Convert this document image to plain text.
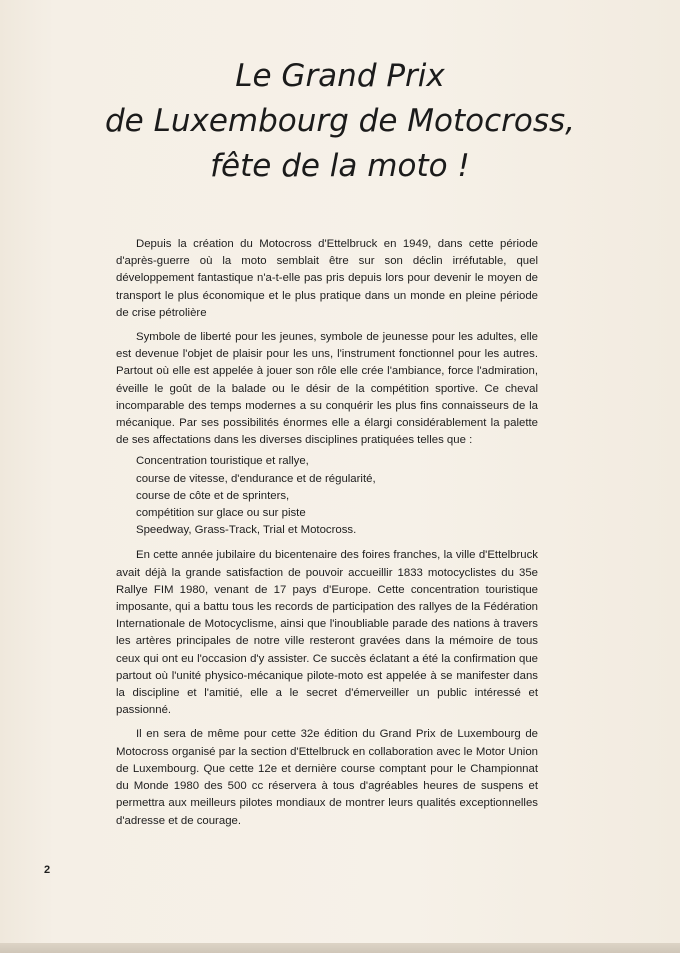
Le Grand Prix
de Luxembourg de Motocross,
fête de la moto !

Depuis la création du Motocross d'Ettelbruck en 1949, dans cette période d'après-guerre où la moto semblait être sur son déclin irréfutable, quel développement fantastique n'a-t-elle pas pris depuis lors pour devenir le moyen de transport le plus économique et le plus pratique dans un monde en pleine période de crise pétrolière

Symbole de liberté pour les jeunes, symbole de jeunesse pour les adultes, elle est devenue l'objet de plaisir pour les uns, l'instrument fonctionnel pour les autres. Partout où elle est appelée à jouer son rôle elle crée l'ambiance, force l'admiration, éveille le goût de la balade ou le désir de la compétition sportive. Ce cheval incomparable des temps modernes a su conquérir les plus fins connaisseurs de la mécanique. Par ses possibilités énormes elle a élargi considérablement la palette de ses affectations dans les diverses disciplines pratiquées telles que :

Concentration touristique et rallye,
course de vitesse, d'endurance et de régularité,
course de côte et de sprinters,
compétition sur glace ou sur piste
Speedway, Grass-Track, Trial et Motocross.

En cette année jubilaire du bicentenaire des foires franches, la ville d'Ettelbruck avait déjà la grande satisfaction de pouvoir accueillir 1833 motocyclistes du 35e Rallye FIM 1980, venant de 17 pays d'Europe. Cette concentration touristique imposante, qui a battu tous les records de participation des rallyes de la Fédération Internationale de Motocyclisme, ainsi que l'inoubliable parade des nations à travers les artères principales de notre ville resteront gravées dans la mémoire de tous ceux qui ont eu l'occasion d'y assister. Ce succès éclatant a été la confirmation que partout où l'unité physico-mécanique pilote-moto est appelée à se manifester dans la discipline et l'amitié, elle a le secret d'émerveiller un public intéressé et passionné.

Il en sera de même pour cette 32e édition du Grand Prix de Luxembourg de Motocross organisé par la section d'Ettelbruck en collaboration avec le Motor Union de Luxembourg. Que cette 12e et dernière course comptant pour le Championnat du Monde 1980 des 500 cc réservera à tous d'agréables heures de suspens et permettra aux meilleurs pilotes mondiaux de montrer leurs qualités exceptionnelles d'adresse et de courage.

2
